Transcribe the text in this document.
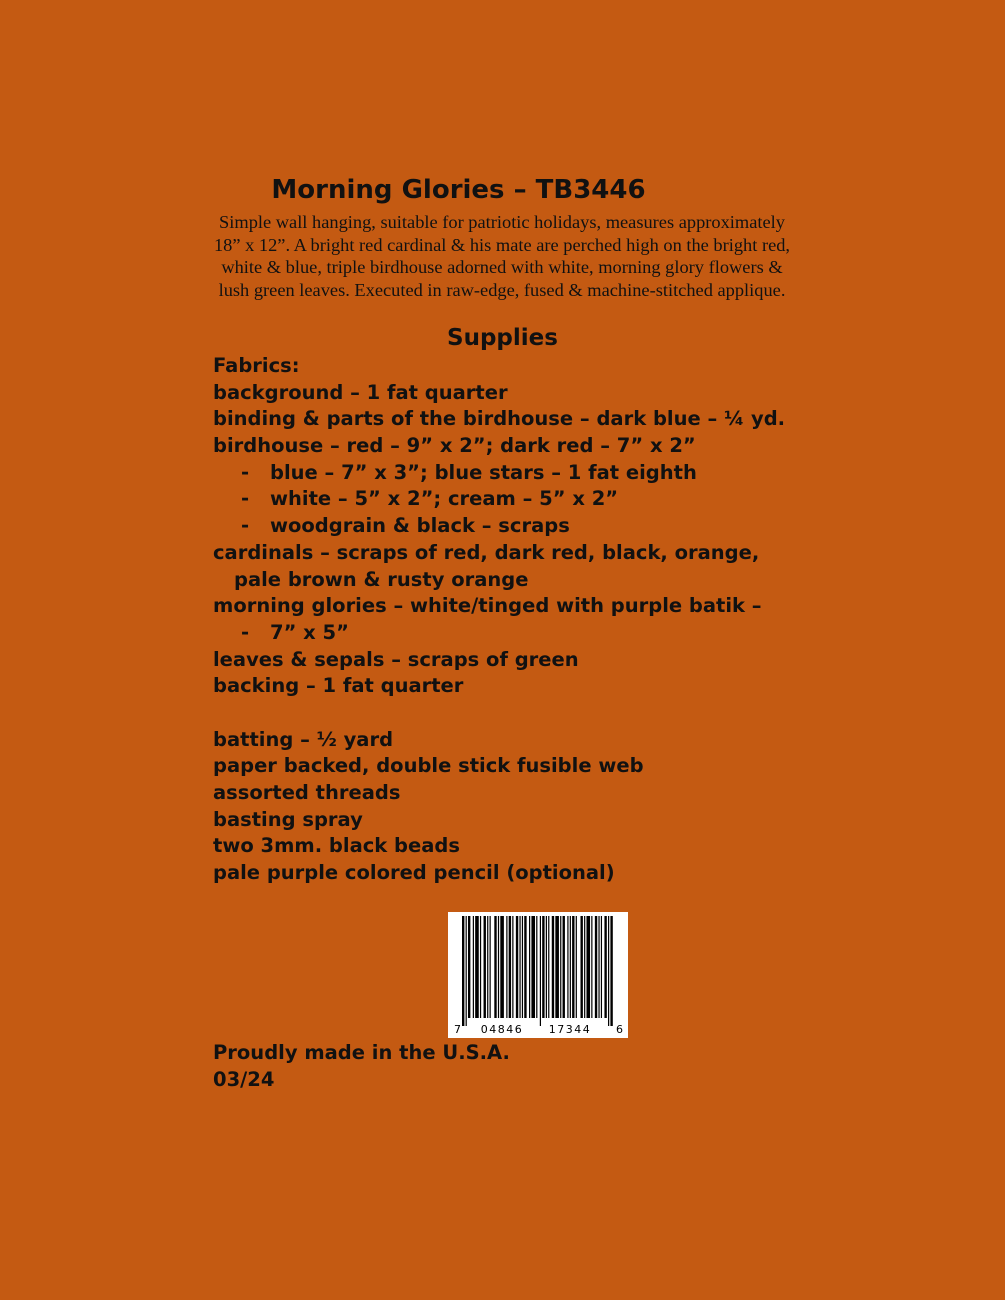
Morning Glories – TB3446

Simple wall hanging, suitable for patriotic holidays, measures approximately 18” x 12”. A bright red cardinal & his mate are perched high on the bright red, white & blue, triple birdhouse adorned with white, morning glory flowers & lush green leaves. Executed in raw-edge, fused & machine-stitched applique.

Supplies
Fabrics:
background – 1 fat quarter
binding & parts of the birdhouse – dark blue – ¼ yd.
birdhouse – red – 9” x 2”; dark red – 7” x 2”
- blue – 7” x 3”; blue stars – 1 fat eighth
- white – 5” x 2”; cream – 5” x 2”
- woodgrain & black – scraps
cardinals – scraps of red, dark red, black, orange,
pale brown & rusty orange
morning glories – white/tinged with purple batik –
- 7” x 5”
leaves & sepals – scraps of green
backing – 1 fat quarter
batting – ½ yard
paper backed, double stick fusible web
assorted threads
basting spray
two 3mm. black beads
pale purple colored pencil (optional)
7 04846 17344 6
Proudly made in the U.S.A.
03/24
